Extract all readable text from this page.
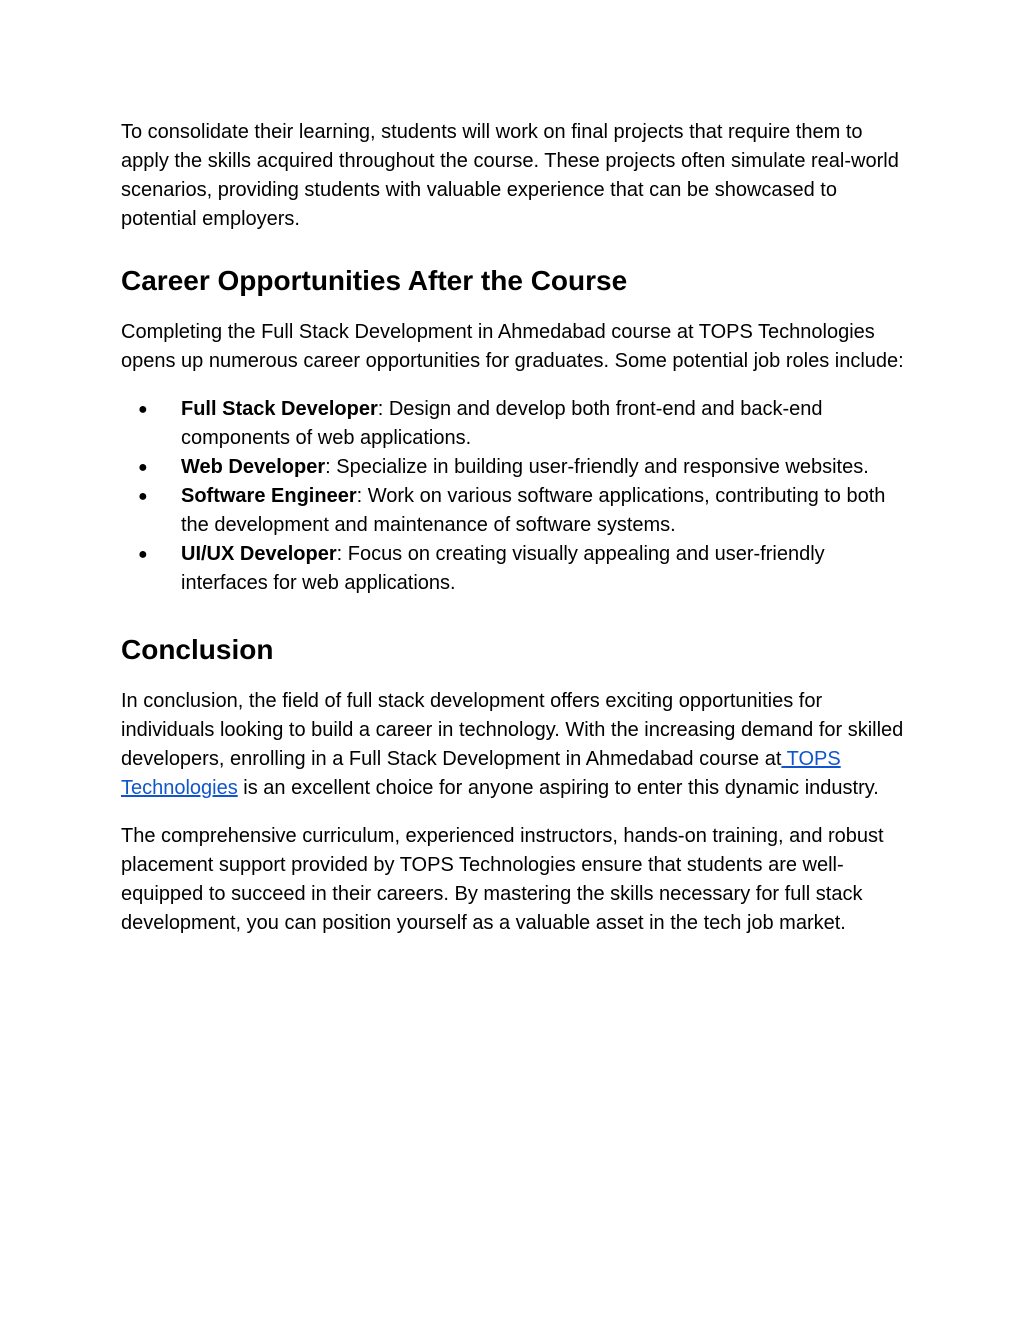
To consolidate their learning, students will work on final projects that require them to apply the skills acquired throughout the course. These projects often simulate real-world scenarios, providing students with valuable experience that can be showcased to potential employers.

Career Opportunities After the Course

Completing the Full Stack Development in Ahmedabad course at TOPS Technologies opens up numerous career opportunities for graduates. Some potential job roles include:

● Full Stack Developer: Design and develop both front-end and back-end components of web applications.
● Web Developer: Specialize in building user-friendly and responsive websites.
● Software Engineer: Work on various software applications, contributing to both the development and maintenance of software systems.
● UI/UX Developer: Focus on creating visually appealing and user-friendly interfaces for web applications.
Conclusion

In conclusion, the field of full stack development offers exciting opportunities for individuals looking to build a career in technology. With the increasing demand for skilled developers, enrolling in a Full Stack Development in Ahmedabad course at TOPS Technologies is an excellent choice for anyone aspiring to enter this dynamic industry.

The comprehensive curriculum, experienced instructors, hands-on training, and robust placement support provided by TOPS Technologies ensure that students are well-equipped to succeed in their careers. By mastering the skills necessary for full stack development, you can position yourself as a valuable asset in the tech job market.
